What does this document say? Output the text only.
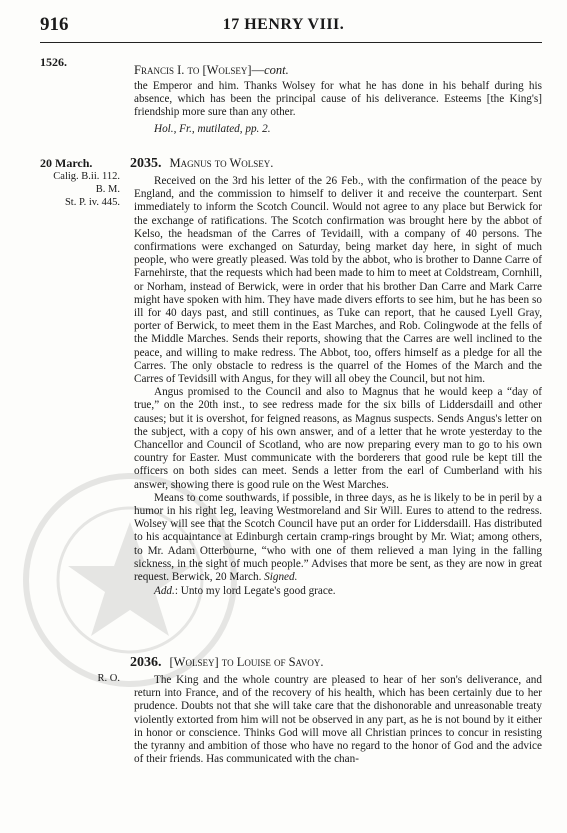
916	17 HENRY VIII.
1526.
20 March.
Calig. B.ii. 112.
B. M.
St. P. iv. 445.
R. O.
Francis I. to [Wolsey]—cont.

the Emperor and him. Thanks Wolsey for what he has done in his behalf during his absence, which has been the principal cause of his deliverance. Esteems [the King's] friendship more sure than any other.

Hol., Fr., mutilated, pp. 2.

2035. Magnus to Wolsey.

Received on the 3rd his letter of the 26 Feb., with the confirmation of the peace by England, and the commission to himself to deliver it and receive the counterpart. Sent immediately to inform the Scotch Council. Would not agree to any place but Berwick for the exchange of ratifications. The Scotch confirmation was brought here by the abbot of Kelso, the headsman of the Carres of Tevidaill, with a company of 40 persons. The confirmations were exchanged on Saturday, being market day here, in sight of much people, who were greatly pleased. Was told by the abbot, who is brother to Danne Carre of Farnehirste, that the requests which had been made to him to meet at Coldstream, Cornhill, or Norham, instead of Berwick, were in order that his brother Dan Carre and Mark Carre might have spoken with him. They have made divers efforts to see him, but he has been so ill for 40 days past, and still continues, as Tuke can report, that he caused Lyell Gray, porter of Berwick, to meet them in the East Marches, and Rob. Colingwode at the fells of the Middle Marches. Sends their reports, showing that the Carres are well inclined to the peace, and willing to make redress. The Abbot, too, offers himself as a pledge for all the Carres. The only obstacle to redress is the quarrel of the Homes of the March and the Carres of Tevidsill with Angus, for they will all obey the Council, but not him.

Angus promised to the Council and also to Magnus that he would keep a “day of true,” on the 20th inst., to see redress made for the six bills of Liddersdaill and other causes; but it is overshot, for feigned reasons, as Magnus suspects. Sends Angus's letter on the subject, with a copy of his own answer, and of a letter that he wrote yesterday to the Chancellor and Council of Scotland, who are now preparing every man to go to his own country for Easter. Must communicate with the borderers that good rule be kept till the officers on both sides can meet. Sends a letter from the earl of Cumberland with his answer, showing there is good rule on the West Marches.

Means to come southwards, if possible, in three days, as he is likely to be in peril by a humor in his right leg, leaving Westmoreland and Sir Will. Eures to attend to the redress. Wolsey will see that the Scotch Council have put an order for Liddersdaill. Has distributed to his acquaintance at Edinburgh certain cramp-rings brought by Mr. Wiat; among others, to Mr. Adam Otterbourne, “who with one of them relieved a man lying in the falling sickness, in the sight of much people.” Advises that more be sent, as they are now in great request. Berwick, 20 March. Signed.

Add.: Unto my lord Legate's good grace.

2036. [Wolsey] to Louise of Savoy.

The King and the whole country are pleased to hear of her son's deliverance, and return into France, and of the recovery of his health, which has been certainly due to her prudence. Doubts not that she will take care that the dishonorable and unreasonable treaty violently extorted from him will not be observed in any part, as he is not bound by it either in honor or conscience. Thinks God will move all Christian princes to concur in resisting the tyranny and ambition of those who have no regard to the honor of God and the advice of their friends. Has communicated with the chan-
